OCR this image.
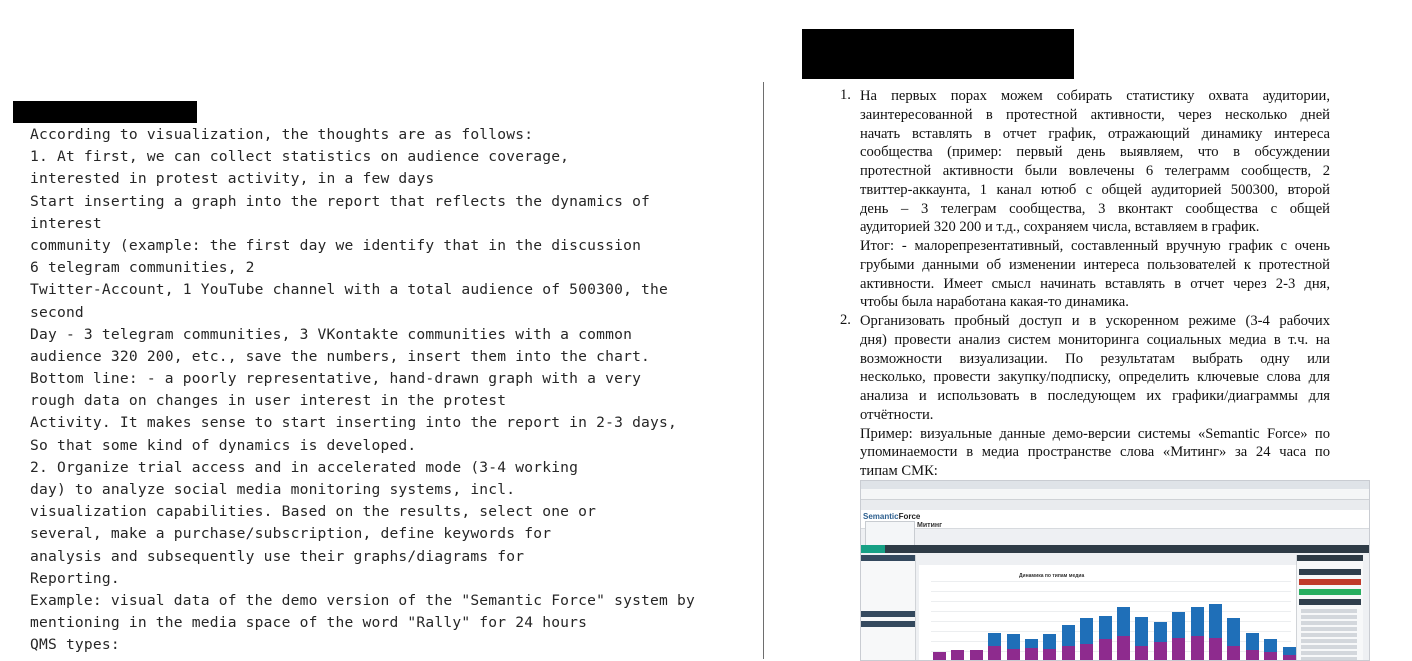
According to visualization, the thoughts are as follows:
1. At first, we can collect statistics on audience coverage,
interested in protest activity, in a few days
Start inserting a graph into the report that reflects the dynamics of
interest
community (example: the first day we identify that in the discussion
6 telegram communities, 2
Twitter-Account, 1 YouTube channel with a total audience of 500300, the
second
Day - 3 telegram communities, 3 VKontakte communities with a common
audience 320 200, etc., save the numbers, insert them into the chart.
Bottom line: - a poorly representative, hand-drawn graph with a very
rough data on changes in user interest in the protest
Activity. It makes sense to start inserting into the report in 2-3 days,
So that some kind of dynamics is developed.
2. Organize trial access and in accelerated mode (3-4 working
day) to analyze social media monitoring systems, incl.
visualization capabilities. Based on the results, select one or
several, make a purchase/subscription, define keywords for
analysis and subsequently use their graphs/diagrams for
Reporting.
Example: visual data of the demo version of the "Semantic Force" system by
mentioning in the media space of the word "Rally" for 24 hours
QMS types:
1.
2.
На первых порах можем собирать статистику охвата аудитории,
заинтересованной в протестной активности, через несколько дней
начать вставлять в отчет график, отражающий динамику интереса
сообщества (пример: первый день выявляем, что в обсуждении
протестной активности были вовлечены 6 телеграмм сообществ, 2
твиттер-аккаунта, 1 канал ютюб с общей аудиторией 500300, второй
день – 3 телеграм сообщества, 3 вконтакт сообщества с общей
аудиторией 320 200 и т.д., сохраняем числа, вставляем в график.
Итог: - малорепрезентативный, составленный вручную график с очень
грубыми данными об изменении интереса пользователей к протестной
активности. Имеет смысл начинать вставлять в отчет через 2-3 дня,
чтобы была наработана какая-то динамика.
Организовать пробный доступ и в ускоренном режиме (3-4 рабочих
дня) провести анализ систем мониторинга социальных медиа в т.ч. на
возможности визуализации. По результатам выбрать одну или
несколько, провести закупку/подписку, определить ключевые слова для
анализа и использовать в последующем их графики/диаграммы для
отчётности.
Пример: визуальные данные демо-версии системы «Semantic Force» по
упоминаемости в медиа пространстве слова «Митинг» за 24 часа по
типам СМК:
SemanticForce
Митинг
Динамика по типам медиа
